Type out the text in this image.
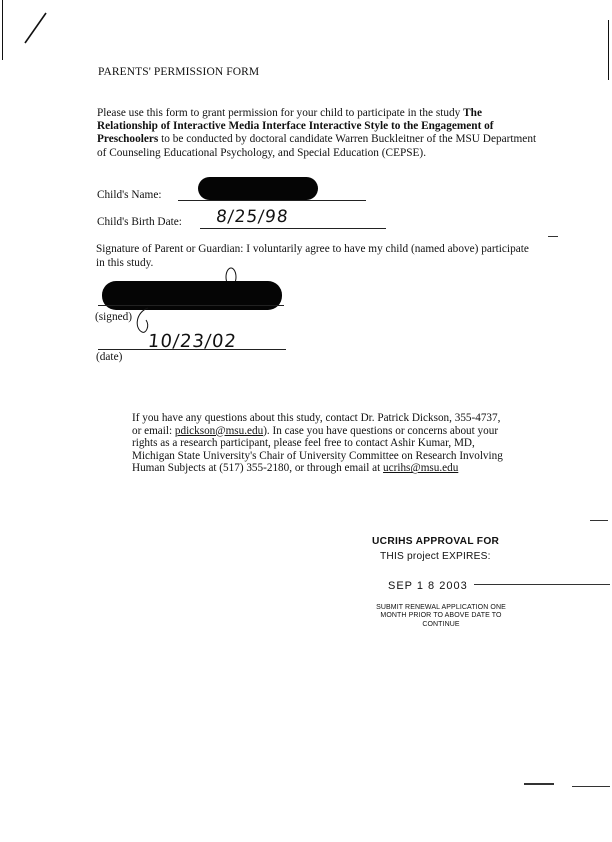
PARENTS' PERMISSION FORM
Please use this form to grant permission for your child to participate in the study The Relationship of Interactive Media Interface Interactive Style to the Engagement of Preschoolers to be conducted by doctoral candidate Warren Buckleitner of the MSU Department of Counseling Educational Psychology, and Special Education (CEPSE).
Child's Name:
Child's Birth Date: 8/25/98
Signature of Parent or Guardian: I voluntarily agree to have my child (named above) participate in this study.
(signed)
10/23/02
(date)
If you have any questions about this study, contact Dr. Patrick Dickson, 355-4737, or email: pdickson@msu.edu). In case you have questions or concerns about your rights as a research participant, please feel free to contact Ashir Kumar, MD, Michigan State University's Chair of University Committee on Research Involving Human Subjects at (517) 355-2180, or through email at ucrihs@msu.edu
UCRIHS APPROVAL FOR
THIS project EXPIRES:
SEP 1 8 2003
SUBMIT RENEWAL APPLICATION ONE MONTH PRIOR TO ABOVE DATE TO CONTINUE
